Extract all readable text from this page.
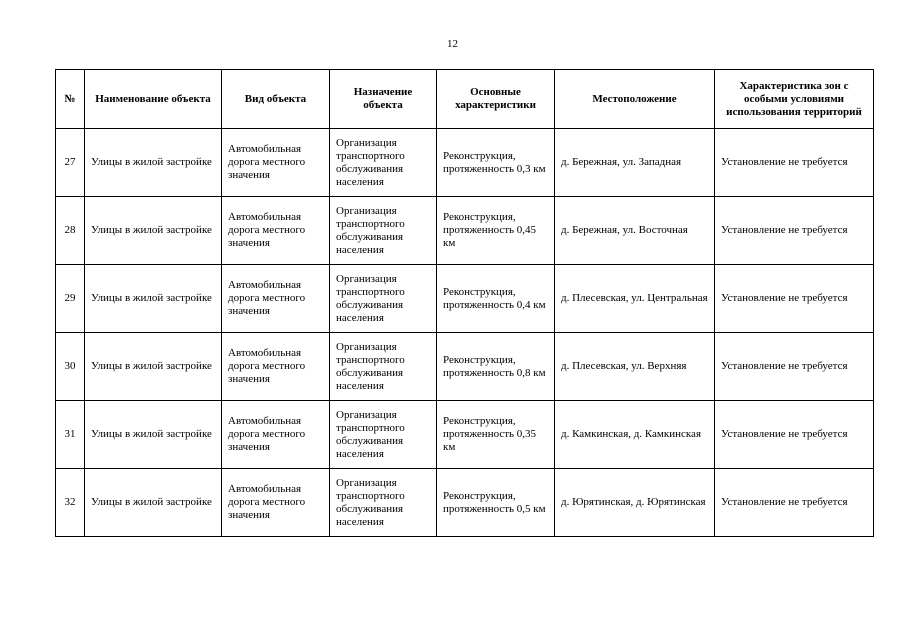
12
№	Наименование объекта	Вид объекта	Назначение объекта	Основные характеристики	Местоположение	Характеристика зон с особыми условиями использования территорий
27	Улицы в жилой застройке	Автомобильная дорога местного значения	Организация транспортного обслуживания населения	Реконструкция, протяженность 0,3 км	д. Бережная, ул. Западная	Установление не требуется
28	Улицы в жилой застройке	Автомобильная дорога местного значения	Организация транспортного обслуживания населения	Реконструкция, протяженность 0,45 км	д. Бережная, ул. Восточная	Установление не требуется
29	Улицы в жилой застройке	Автомобильная дорога местного значения	Организация транспортного обслуживания населения	Реконструкция, протяженность 0,4 км	д. Плесевская, ул. Центральная	Установление не требуется
30	Улицы в жилой застройке	Автомобильная дорога местного значения	Организация транспортного обслуживания населения	Реконструкция, протяженность 0,8 км	д. Плесевская, ул. Верхняя	Установление не требуется
31	Улицы в жилой застройке	Автомобильная дорога местного значения	Организация транспортного обслуживания населения	Реконструкция, протяженность 0,35 км	д. Камкинская, д. Камкинская	Установление не требуется
32	Улицы в жилой застройке	Автомобильная дорога местного значения	Организация транспортного обслуживания населения	Реконструкция, протяженность 0,5 км	д. Юрятинская, д. Юрятинская	Установление не требуется
